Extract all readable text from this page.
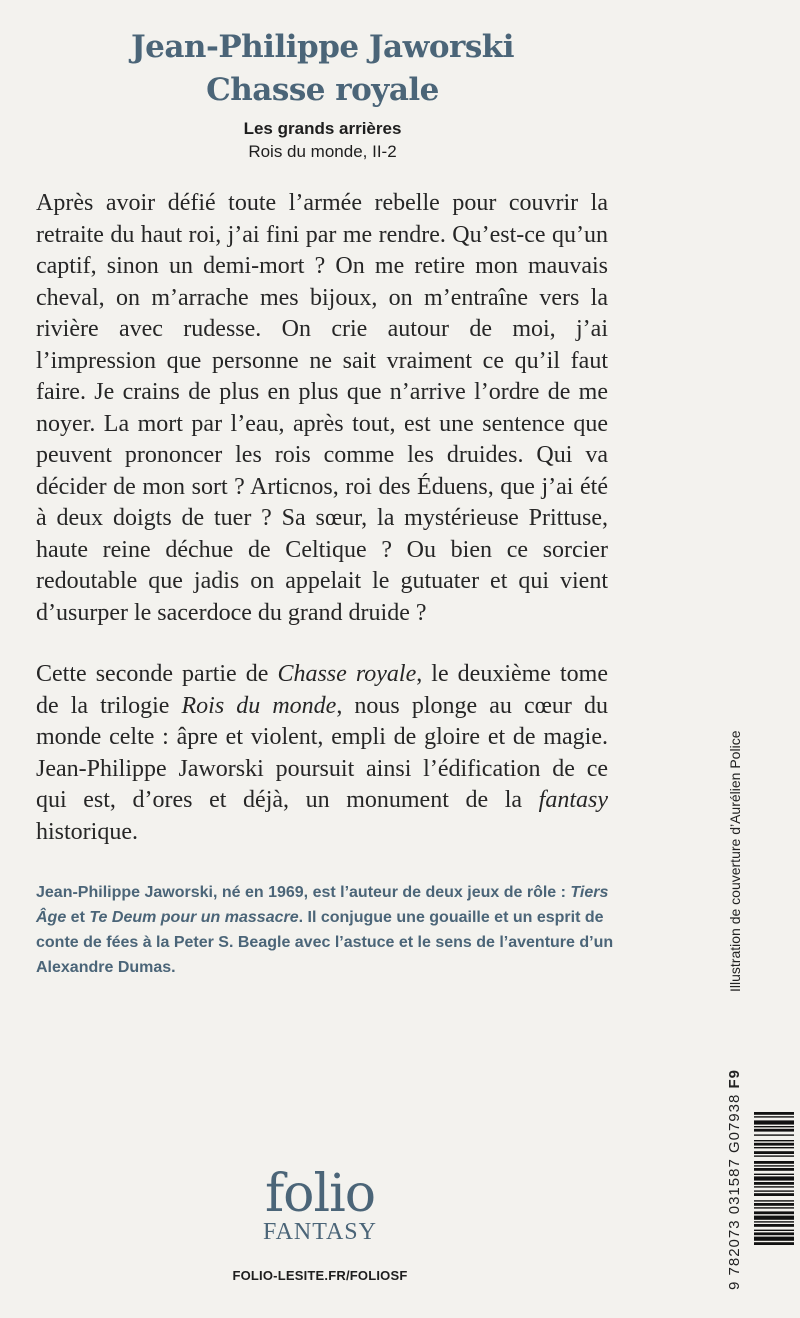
Jean-Philippe Jaworski
Chasse royale
Les grands arrières
Rois du monde, II-2

Après avoir défié toute l’armée rebelle pour couvrir la retraite du haut roi, j’ai fini par me rendre. Qu’est-ce qu’un captif, sinon un demi-mort ? On me retire mon mauvais cheval, on m’arrache mes bijoux, on m’entraîne vers la rivière avec rudesse. On crie autour de moi, j’ai l’impression que personne ne sait vraiment ce qu’il faut faire. Je crains de plus en plus que n’arrive l’ordre de me noyer. La mort par l’eau, après tout, est une sentence que peuvent prononcer les rois comme les druides. Qui va décider de mon sort ? Articnos, roi des Éduens, que j’ai été à deux doigts de tuer ? Sa sœur, la mystérieuse Prittuse, haute reine déchue de Celtique ? Ou bien ce sorcier redoutable que jadis on appelait le gutuater et qui vient d’usurper le sacerdoce du grand druide ?

Cette seconde partie de Chasse royale, le deuxième tome de la trilogie Rois du monde, nous plonge au cœur du monde celte : âpre et violent, empli de gloire et de magie. Jean-Philippe Jaworski poursuit ainsi l’édification de ce qui est, d’ores et déjà, un monument de la fantasy historique.

Jean-Philippe Jaworski, né en 1969, est l’auteur de deux jeux de rôle : Tiers Âge et Te Deum pour un massacre. Il conjugue une gouaille et un esprit de conte de fées à la Peter S. Beagle avec l’astuce et le sens de l’aventure d’un Alexandre Dumas.	Illustration de couverture d’Aurélien Police
9 782073 031587 G07938 F9
folio
FANTASY
FOLIO-LESITE.FR/FOLIOSF
